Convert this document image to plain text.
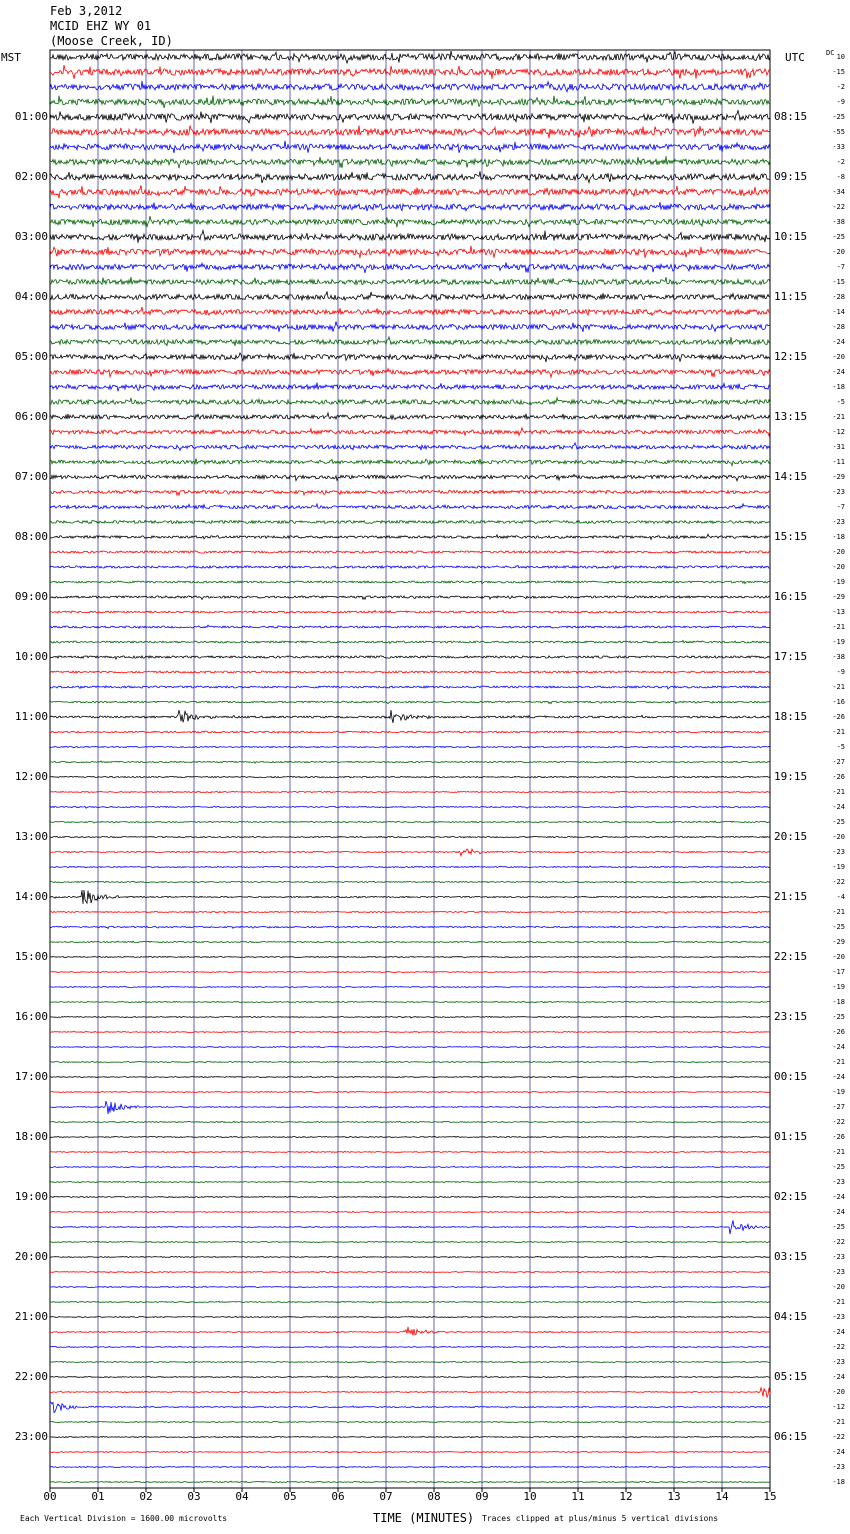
Feb 3,2012
MCID EHZ WY 01
(Moose Creek, ID)
MST	UTC	DC 10
-15
-2
-9
-25
-55
-33
-2
-8
-34
-22
-38
-25
-20
-7
-15
-28
-14
-28
-24
-20
-24
-18
-5
-21
-12
-31
-11
-29
-23
-7
-23
-18
-20
-20
-19
-29
-13
-21
-19
-38
-9
-21
-16
-26
-21
-5
-27
-26
-21
-24
-25
-20
-23
-19
-22
-4
-21
-25
-29
-20
-17
-19
-18
-25
-26
-24
-21
-24
-19
-27
-22
-26
-21
-25
-23
-24
-24
-25
-22
-23
-23
-20
-21
-23
-24
-22
-23
-24
-20
-12
-21
-22
-24
-23
-18
01:00	08:15
02:00	09:15
03:00	10:15
04:00	11:15
05:00	12:15
06:00	13:15
07:00	14:15
08:00	15:15
09:00	16:15
10:00	17:15
11:00	18:15
12:00	19:15
13:00	20:15
14:00	21:15
15:00	22:15
16:00	23:15
17:00	00:15
18:00	01:15
19:00	02:15
20:00	03:15
21:00	04:15
22:00	05:15
23:00	06:15
00	01	02	03	04	05	06	07	08	09	10	11	12	13	14	15
TIME (MINUTES)
Each Vertical Division = 1600.00 microvolts	Traces clipped at plus/minus 5 vertical divisions
